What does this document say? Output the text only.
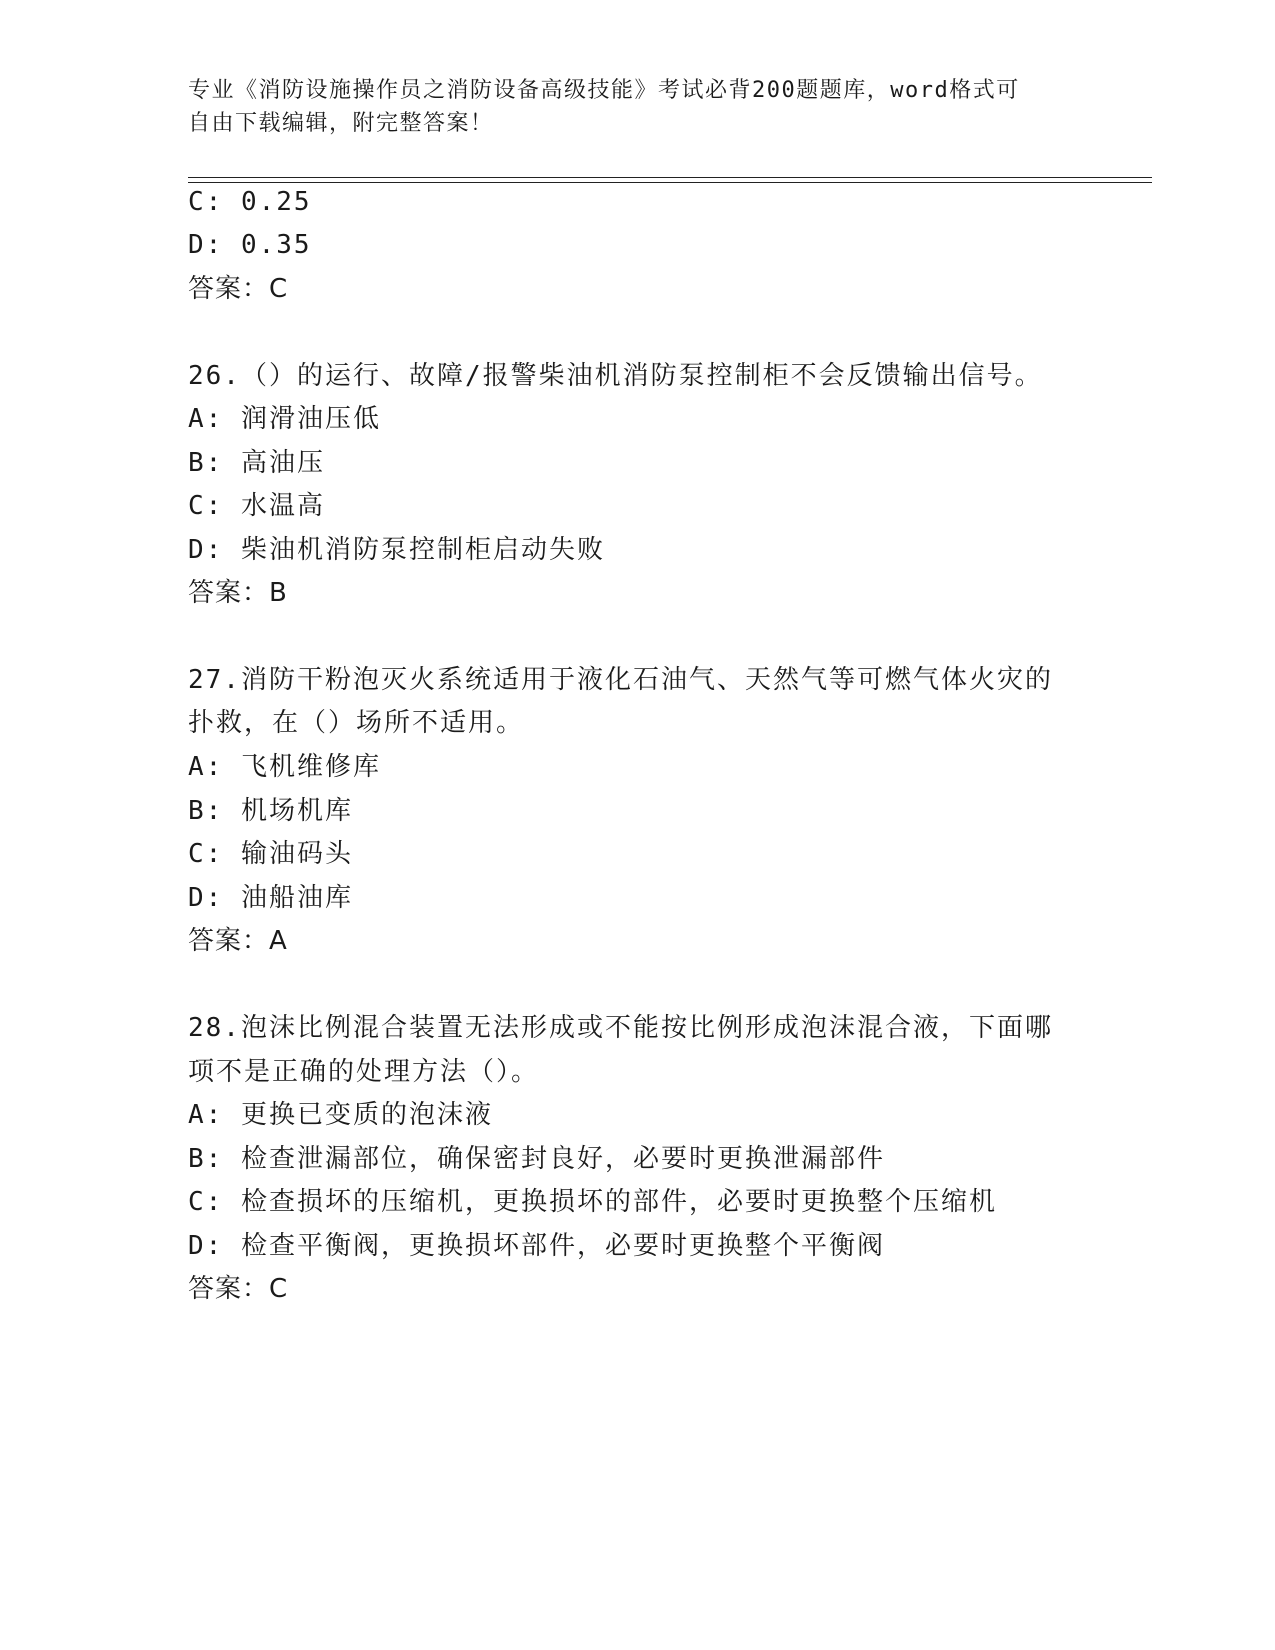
专业《消防设施操作员之消防设备高级技能》考试必背200题题库，word格式可
自由下载编辑，附完整答案！
C: 0.25
D: 0.35
答案：C
26.（）的运行、故障/报警柴油机消防泵控制柜不会反馈输出信号。
A: 润滑油压低
B: 高油压
C: 水温高
D: 柴油机消防泵控制柜启动失败
答案：B
27.消防干粉泡灭火系统适用于液化石油气、天然气等可燃气体火灾的
扑救，在（）场所不适用。
A: 飞机维修库
B: 机场机库
C: 输油码头
D: 油船油库
答案：A
28.泡沫比例混合装置无法形成或不能按比例形成泡沫混合液，下面哪
项不是正确的处理方法（）。
A: 更换已变质的泡沫液
B: 检查泄漏部位，确保密封良好，必要时更换泄漏部件
C: 检查损坏的压缩机，更换损坏的部件，必要时更换整个压缩机
D: 检查平衡阀，更换损坏部件，必要时更换整个平衡阀
答案：C
